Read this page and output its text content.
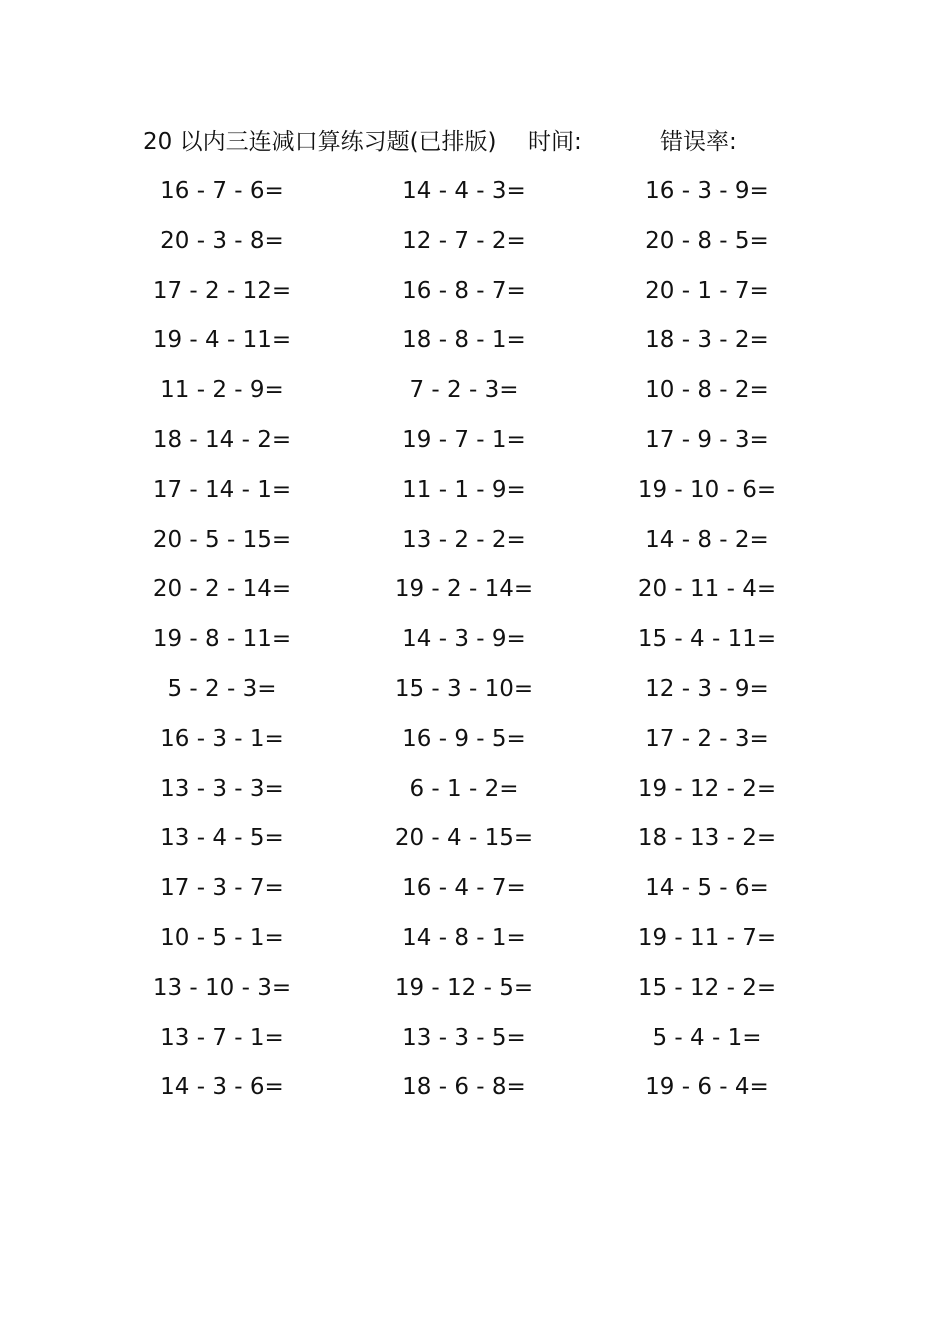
20 以内三连减口算练习题(已排版) 时间:	错误率:
16 - 7 - 6=	14 - 4 - 3=	16 - 3 - 9=
20 - 3 - 8=	12 - 7 - 2=	20 - 8 - 5=
17 - 2 - 12=	16 - 8 - 7=	20 - 1 - 7=
19 - 4 - 11=	18 - 8 - 1=	18 - 3 - 2=
11 - 2 - 9=	7 - 2 - 3=	10 - 8 - 2=
18 - 14 - 2=	19 - 7 - 1=	17 - 9 - 3=
17 - 14 - 1=	11 - 1 - 9=	19 - 10 - 6=
20 - 5 - 15=	13 - 2 - 2=	14 - 8 - 2=
20 - 2 - 14=	19 - 2 - 14=	20 - 11 - 4=
19 - 8 - 11=	14 - 3 - 9=	15 - 4 - 11=
5 - 2 - 3=	15 - 3 - 10=	12 - 3 - 9=
16 - 3 - 1=	16 - 9 - 5=	17 - 2 - 3=
13 - 3 - 3=	6 - 1 - 2=	19 - 12 - 2=
13 - 4 - 5=	20 - 4 - 15=	18 - 13 - 2=
17 - 3 - 7=	16 - 4 - 7=	14 - 5 - 6=
10 - 5 - 1=	14 - 8 - 1=	19 - 11 - 7=
13 - 10 - 3=	19 - 12 - 5=	15 - 12 - 2=
13 - 7 - 1=	13 - 3 - 5=	5 - 4 - 1=
14 - 3 - 6=	18 - 6 - 8=	19 - 6 - 4=
